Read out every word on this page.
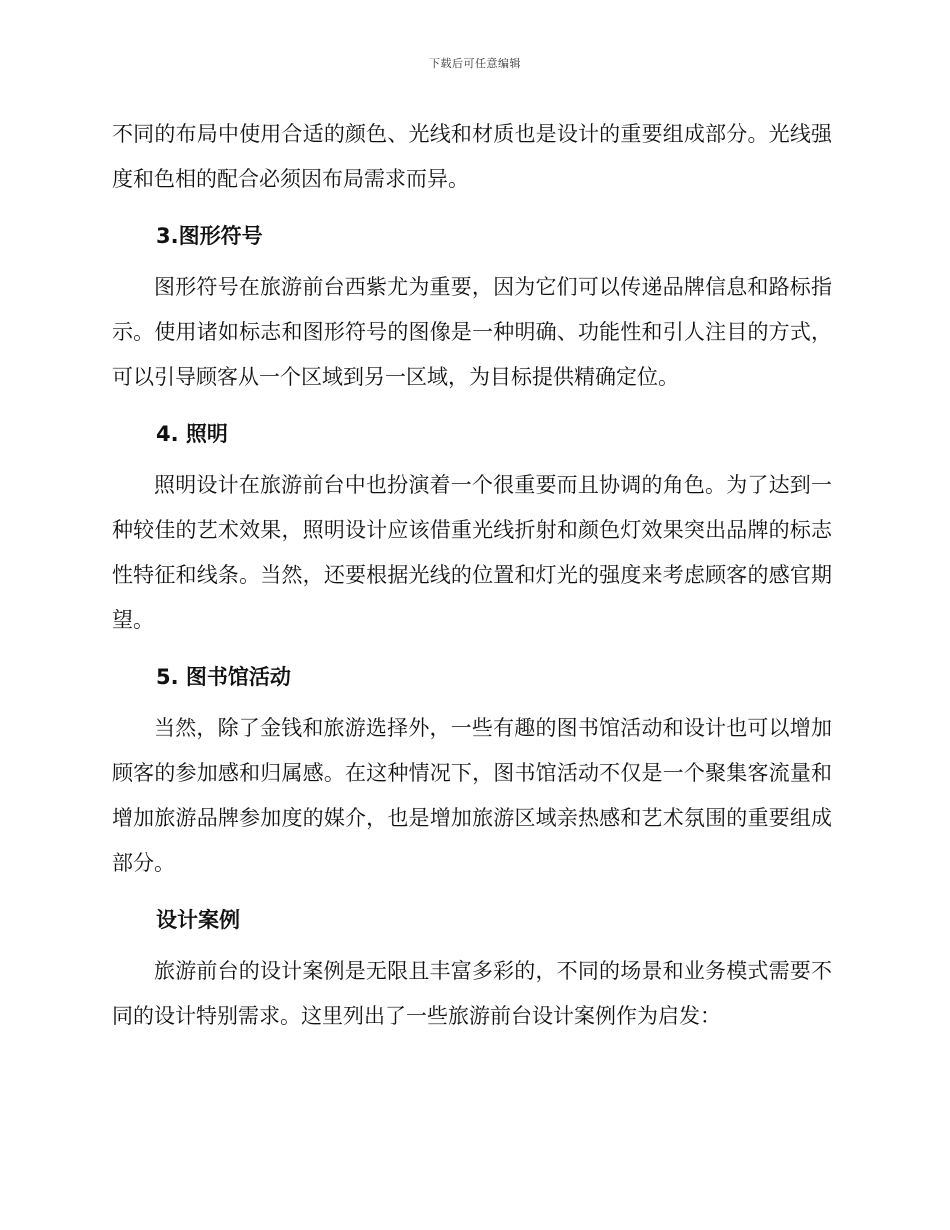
下载后可任意编辑

不同的布局中使用合适的颜色、光线和材质也是设计的重要组成部分。光线强度和色相的配合必须因布局需求而异。

3.图形符号

图形符号在旅游前台西紫尤为重要，因为它们可以传递品牌信息和路标指示。使用诸如标志和图形符号的图像是一种明确、功能性和引人注目的方式，可以引导顾客从一个区域到另一区域，为目标提供精确定位。

4. 照明

照明设计在旅游前台中也扮演着一个很重要而且协调的角色。为了达到一种较佳的艺术效果，照明设计应该借重光线折射和颜色灯效果突出品牌的标志性特征和线条。当然，还要根据光线的位置和灯光的强度来考虑顾客的感官期望。

5. 图书馆活动

当然，除了金钱和旅游选择外，一些有趣的图书馆活动和设计也可以增加顾客的参加感和归属感。在这种情况下，图书馆活动不仅是一个聚集客流量和增加旅游品牌参加度的媒介，也是增加旅游区域亲热感和艺术氛围的重要组成部分。

设计案例

旅游前台的设计案例是无限且丰富多彩的，不同的场景和业务模式需要不同的设计特别需求。这里列出了一些旅游前台设计案例作为启发：
